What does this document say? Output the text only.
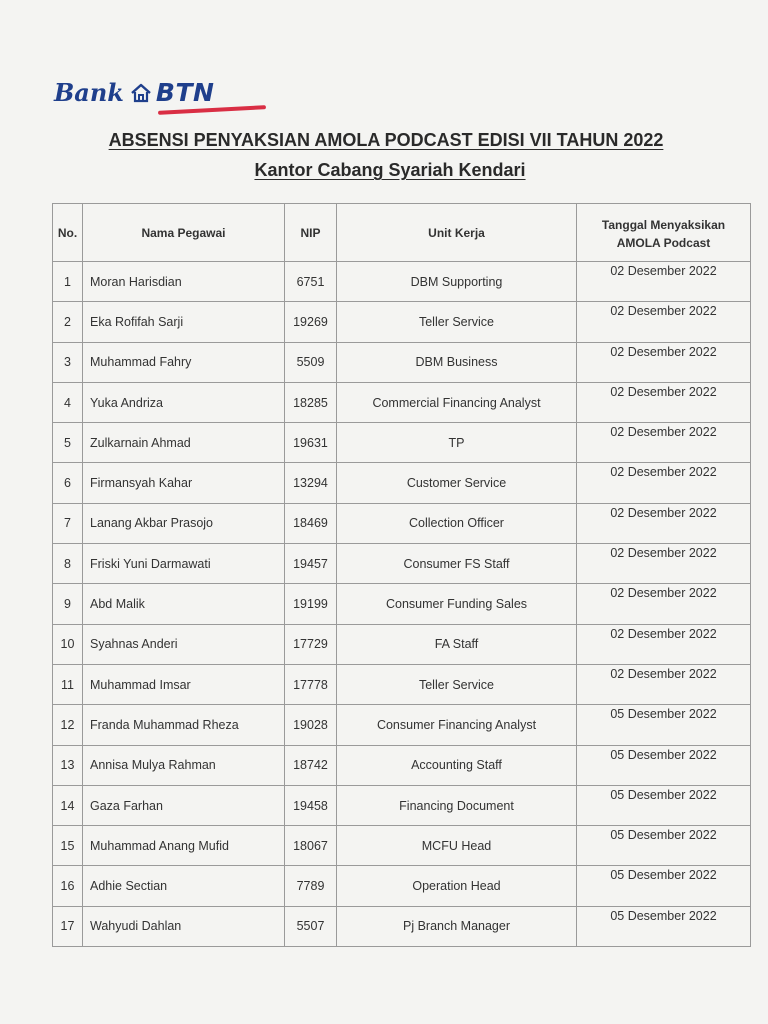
Bank BTN
ABSENSI PENYAKSIAN AMOLA PODCAST EDISI VII TAHUN 2022
Kantor Cabang Syariah Kendari
No.	Nama Pegawai	NIP	Unit Kerja	Tanggal Menyaksikan
AMOLA Podcast
1	Moran Harisdian	6751	DBM Supporting	02 Desember 2022
2	Eka Rofifah Sarji	19269	Teller Service	02 Desember 2022
3	Muhammad Fahry	5509	DBM Business	02 Desember 2022
4	Yuka Andriza	18285	Commercial Financing Analyst	02 Desember 2022
5	Zulkarnain Ahmad	19631	TP	02 Desember 2022
6	Firmansyah Kahar	13294	Customer Service	02 Desember 2022
7	Lanang Akbar Prasojo	18469	Collection Officer	02 Desember 2022
8	Friski Yuni Darmawati	19457	Consumer FS Staff	02 Desember 2022
9	Abd Malik	19199	Consumer Funding Sales	02 Desember 2022
10	Syahnas Anderi	17729	FA Staff	02 Desember 2022
11	Muhammad Imsar	17778	Teller Service	02 Desember 2022
12	Franda Muhammad Rheza	19028	Consumer Financing Analyst	05 Desember 2022
13	Annisa Mulya Rahman	18742	Accounting Staff	05 Desember 2022
14	Gaza Farhan	19458	Financing Document	05 Desember 2022
15	Muhammad Anang Mufid	18067	MCFU Head	05 Desember 2022
16	Adhie Sectian	7789	Operation Head	05 Desember 2022
17	Wahyudi Dahlan	5507	Pj Branch Manager	05 Desember 2022
